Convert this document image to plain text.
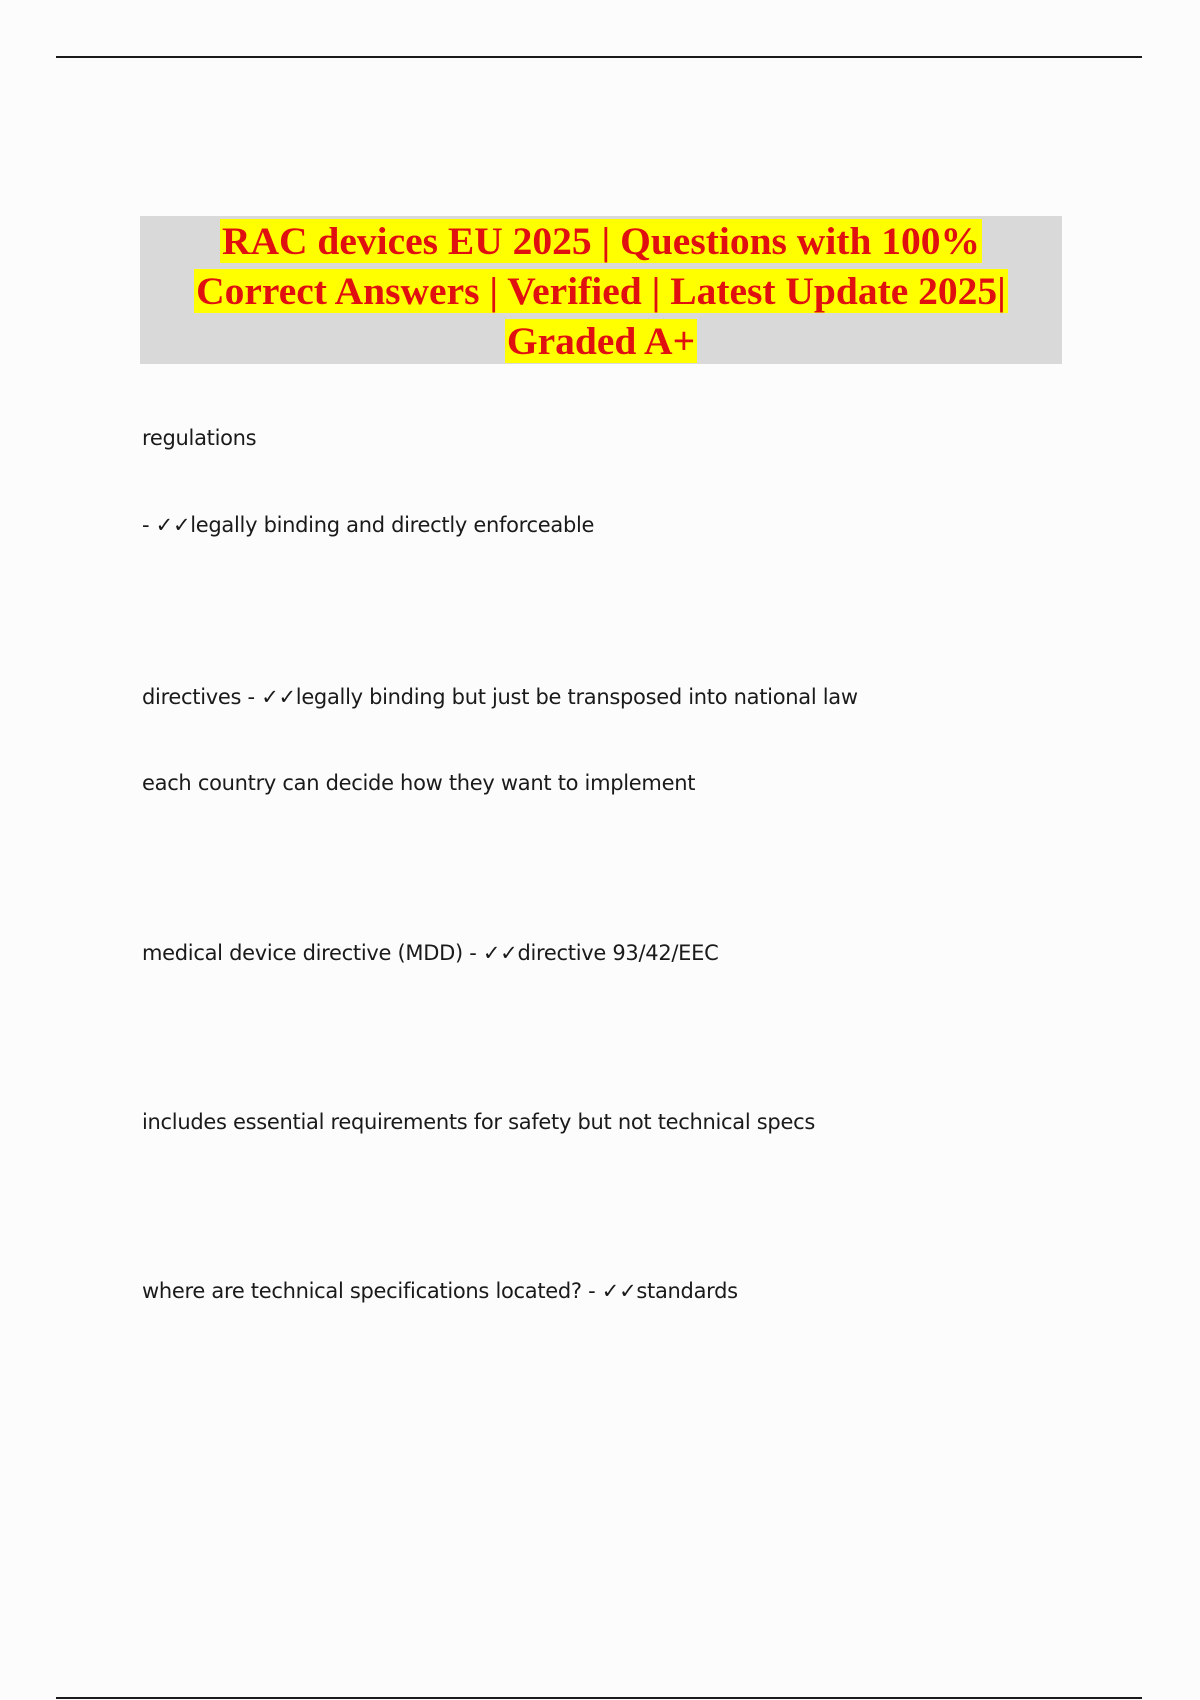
RAC devices EU 2025 | Questions with 100%
Correct Answers | Verified | Latest Update 2025|
Graded A+
regulations
- ✓✓legally binding and directly enforceable
directives - ✓✓legally binding but just be transposed into national law
each country can decide how they want to implement
medical device directive (MDD) - ✓✓directive 93/42/EEC
includes essential requirements for safety but not technical specs
where are technical specifications located? - ✓✓standards
